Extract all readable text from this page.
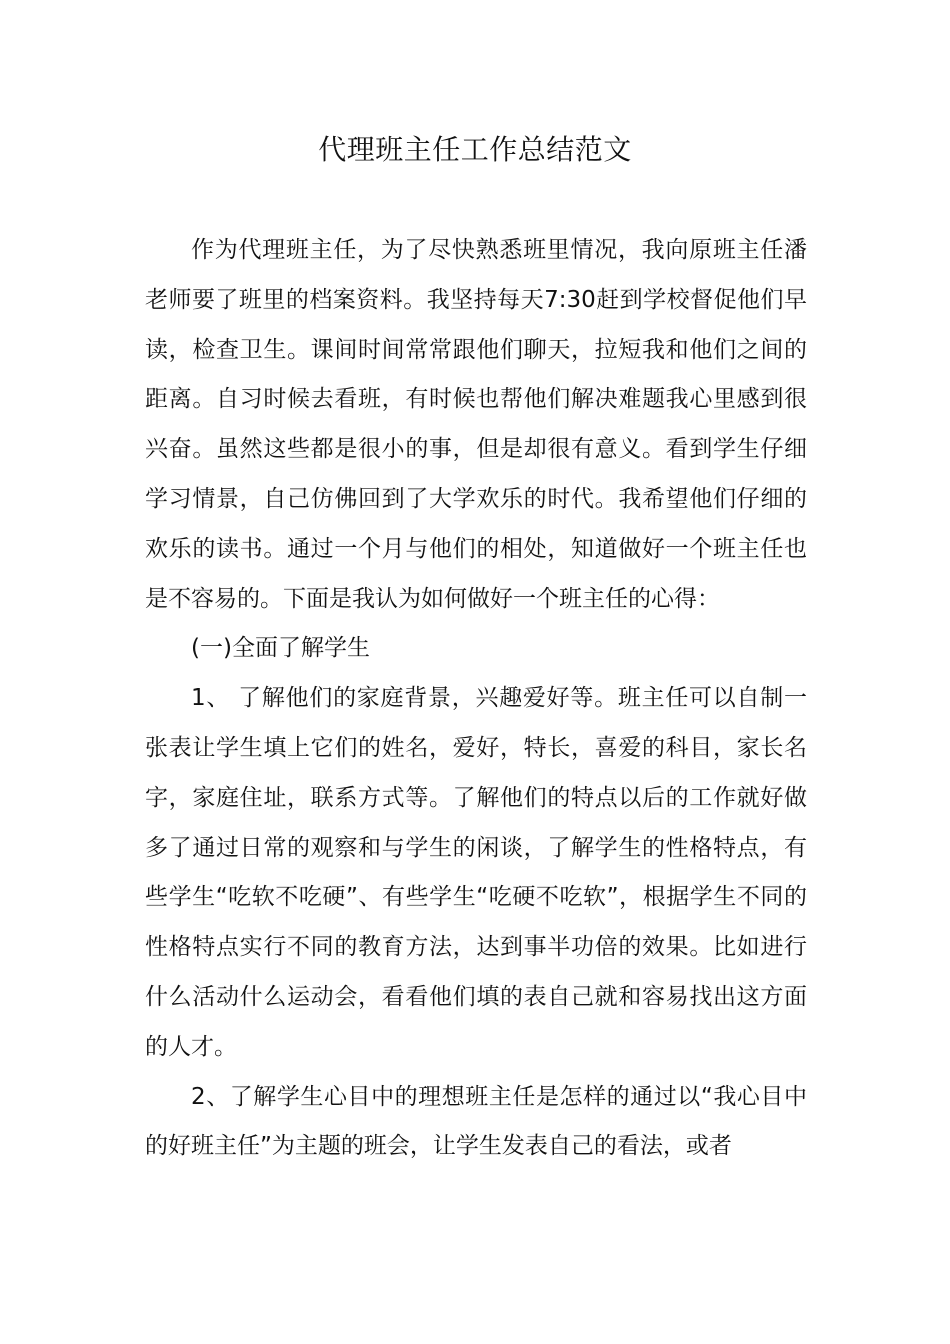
代理班主任工作总结范文

作为代理班主任，为了尽快熟悉班里情况，我向原班主任潘老师要了班里的档案资料。我坚持每天7:30赶到学校督促他们早读，检查卫生。课间时间常常跟他们聊天，拉短我和他们之间的距离。自习时候去看班，有时候也帮他们解决难题我心里感到很兴奋。虽然这些都是很小的事，但是却很有意义。看到学生仔细学习情景，自己仿佛回到了大学欢乐的时代。我希望他们仔细的欢乐的读书。通过一个月与他们的相处，知道做好一个班主任也是不容易的。下面是我认为如何做好一个班主任的心得：

(一)全面了解学生

1、 了解他们的家庭背景，兴趣爱好等。班主任可以自制一张表让学生填上它们的姓名，爱好，特长，喜爱的科目，家长名字，家庭住址，联系方式等。了解他们的特点以后的工作就好做多了通过日常的观察和与学生的闲谈，了解学生的性格特点，有些学生“吃软不吃硬”、有些学生“吃硬不吃软”，根据学生不同的性格特点实行不同的教育方法，达到事半功倍的效果。比如进行什么活动什么运动会，看看他们填的表自己就和容易找出这方面的人才。

2、了解学生心目中的理想班主任是怎样的通过以“我心目中的好班主任”为主题的班会，让学生发表自己的看法，或者
